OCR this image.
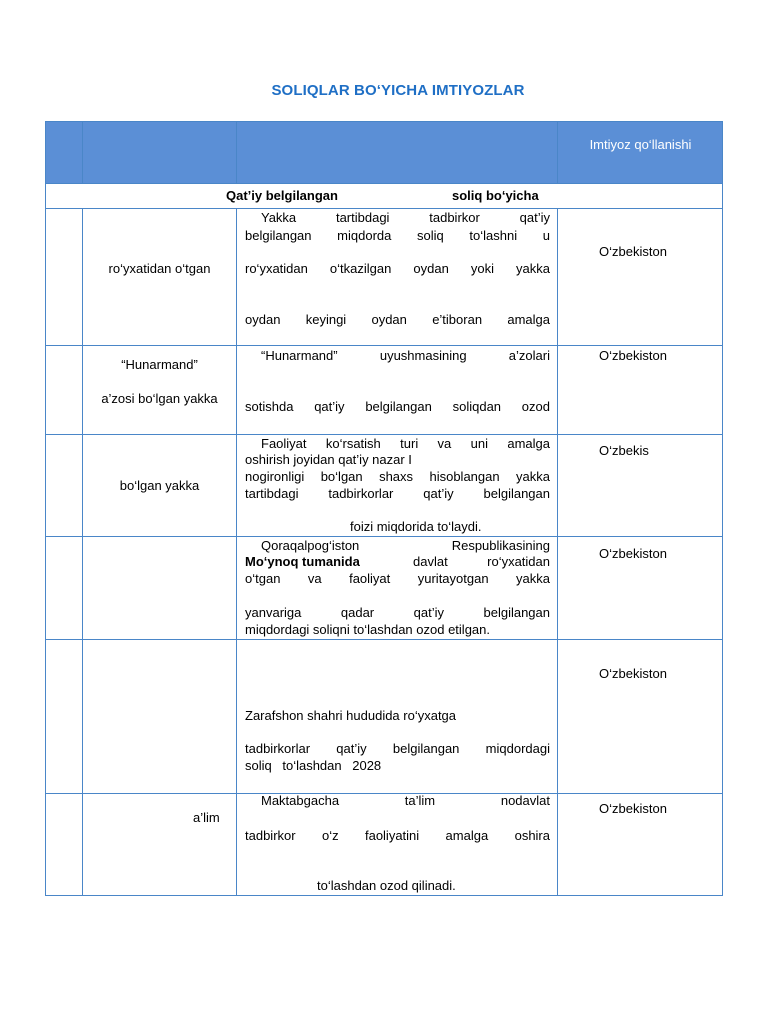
SOLIQLAR BO‘YICHA IMTIYOZLAR
Imtiyoz qo‘llanishi
Qat’iy belgilangan	soliq bo‘yicha
ro‘yxatidan o‘tgan
Yakka tartibdagi tadbirkor qat’iy
belgilangan miqdorda soliq to‘lashni u
ro‘yxatidan o‘tkazilgan oydan yoki yakka
oydan keyingi oydan e’tiboran amalga
O‘zbekiston
“Hunarmand”
a’zosi bo‘lgan yakka
“Hunarmand” uyushmasining a’zolari
sotishda qat’iy belgilangan soliqdan ozod
O‘zbekiston
bo‘lgan yakka
Faoliyat ko‘rsatish turi va uni amalga
oshirish joyidan qat’iy nazar I
nogironligi bo‘lgan shaxs hisoblangan yakka
tartibdagi tadbirkorlar qat’iy belgilangan
foizi miqdorida to‘laydi.
O‘zbekis
Qoraqalpog‘iston Respublikasining
Mo‘ynoq tumanida	davlat ro‘yxatidan
o‘tgan va faoliyat yuritayotgan yakka
yanvariga qadar qat’iy belgilangan
miqdordagi soliqni to‘lashdan ozod etilgan.
O‘zbekiston
Zarafshon shahri hududida ro‘yxatga
tadbirkorlar qat’iy belgilangan miqdordagi
soliq to‘lashdan 2028
O‘zbekiston
a’lim
Maktabgacha ta’lim nodavlat
tadbirkor o‘z faoliyatini amalga oshira
to‘lashdan ozod qilinadi.
O‘zbekiston
